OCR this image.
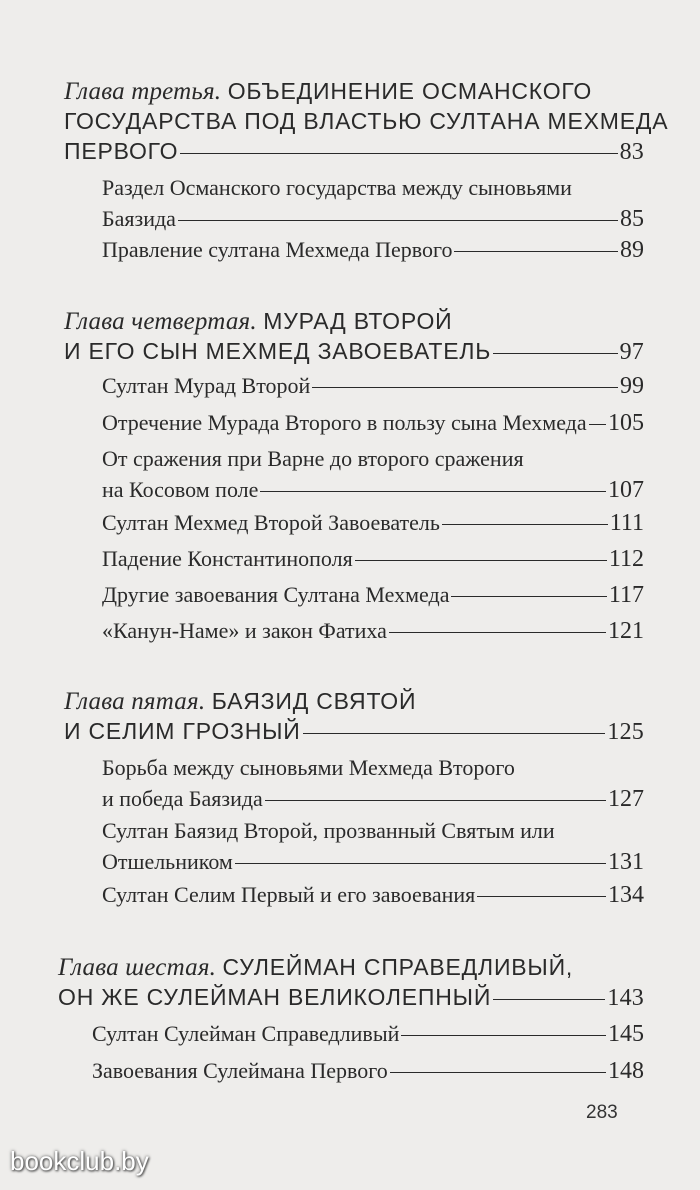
Глава третья. ОБЪЕДИНЕНИЕ ОСМАНСКОГО
ГОСУДАРСТВА ПОД ВЛАСТЬЮ СУЛТАНА МЕХМЕДА
ПЕРВОГО	83
Раздел Османского государства между сыновьями
Баязида	85
Правление султана Мехмеда Первого	89
Глава четвертая. МУРАД ВТОРОЙ
И ЕГО СЫН МЕХМЕД ЗАВОЕВАТЕЛЬ	97
Султан Мурад Второй	99
Отречение Мурада Второго в пользу сына Мехмеда 105
От сражения при Варне до второго сражения
на Косовом поле	107
Султан Мехмед Второй Завоеватель	111
Падение Константинополя	112
Другие завоевания Султана Мехмеда	117
«Канун-Наме» и закон Фатиха	121
Глава пятая. БАЯЗИД СВЯТОЙ
И СЕЛИМ ГРОЗНЫЙ	125
Борьба между сыновьями Мехмеда Второго
и победа Баязида	127
Султан Баязид Второй, прозванный Святым или
Отшельником	131
Султан Селим Первый и его завоевания	134
Глава шестая. СУЛЕЙМАН СПРАВЕДЛИВЫЙ,
ОН ЖЕ СУЛЕЙМАН ВЕЛИКОЛЕПНЫЙ	143
Султан Сулейман Справедливый	145
Завоевания Сулеймана Первого	148
283
bookclub.by
